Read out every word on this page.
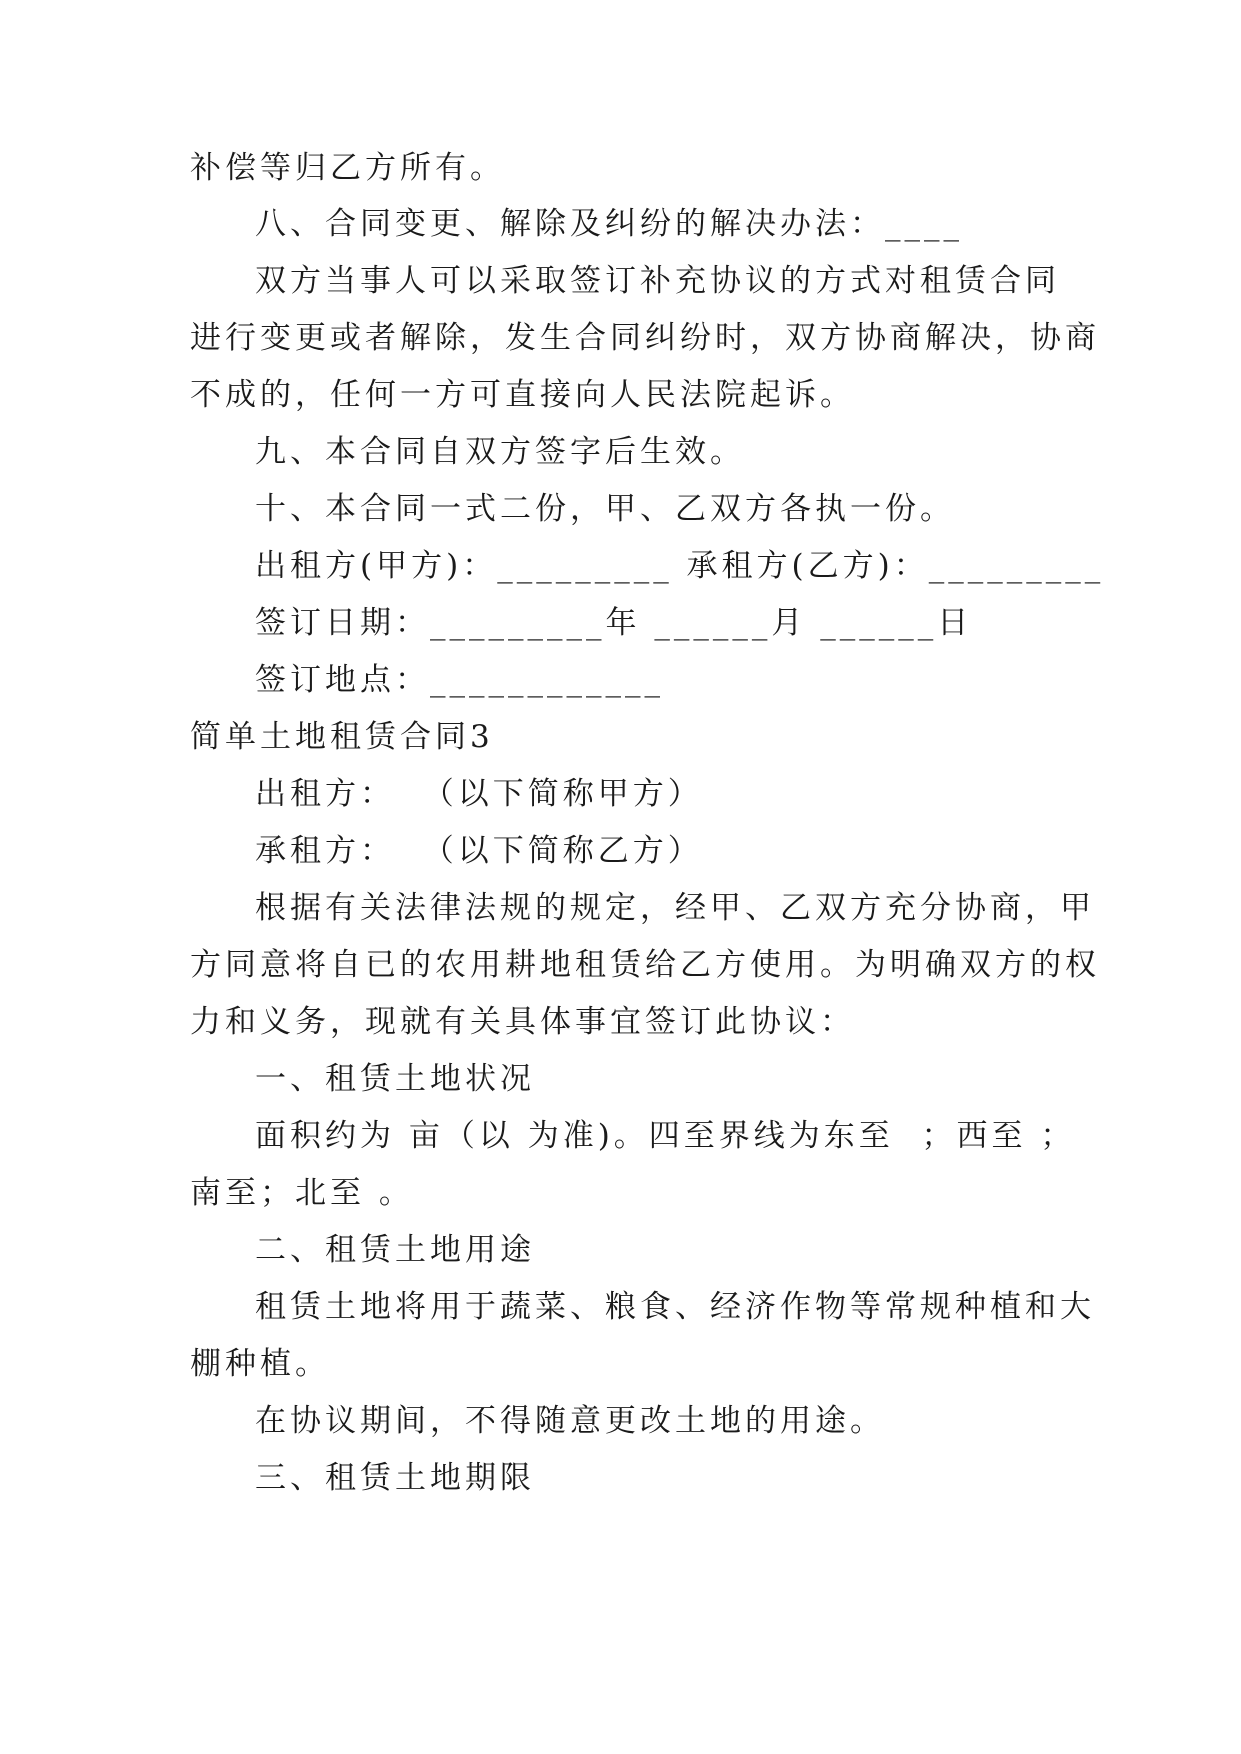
补偿等归乙方所有。
八、合同变更、解除及纠纷的解决办法：____
双方当事人可以采取签订补充协议的方式对租赁合同
进行变更或者解除，发生合同纠纷时，双方协商解决，协商
不成的，任何一方可直接向人民法院起诉。
九、本合同自双方签字后生效。
十、本合同一式二份，甲、乙双方各执一份。
出租方(甲方)：_________ 承租方(乙方)：_________
签订日期：_________年 ______月 ______日
签订地点：____________
简单土地租赁合同3
出租方：  （以下简称甲方）
承租方：  （以下简称乙方）
根据有关法律法规的规定，经甲、乙双方充分协商，甲
方同意将自已的农用耕地租赁给乙方使用。为明确双方的权
力和义务，现就有关具体事宜签订此协议：
一、租赁土地状况
面积约为 亩（以 为准)。四至界线为东至  ；西至 ；
南至；北至 。
二、租赁土地用途
租赁土地将用于蔬菜、粮食、经济作物等常规种植和大
棚种植。
在协议期间，不得随意更改土地的用途。
三、租赁土地期限
